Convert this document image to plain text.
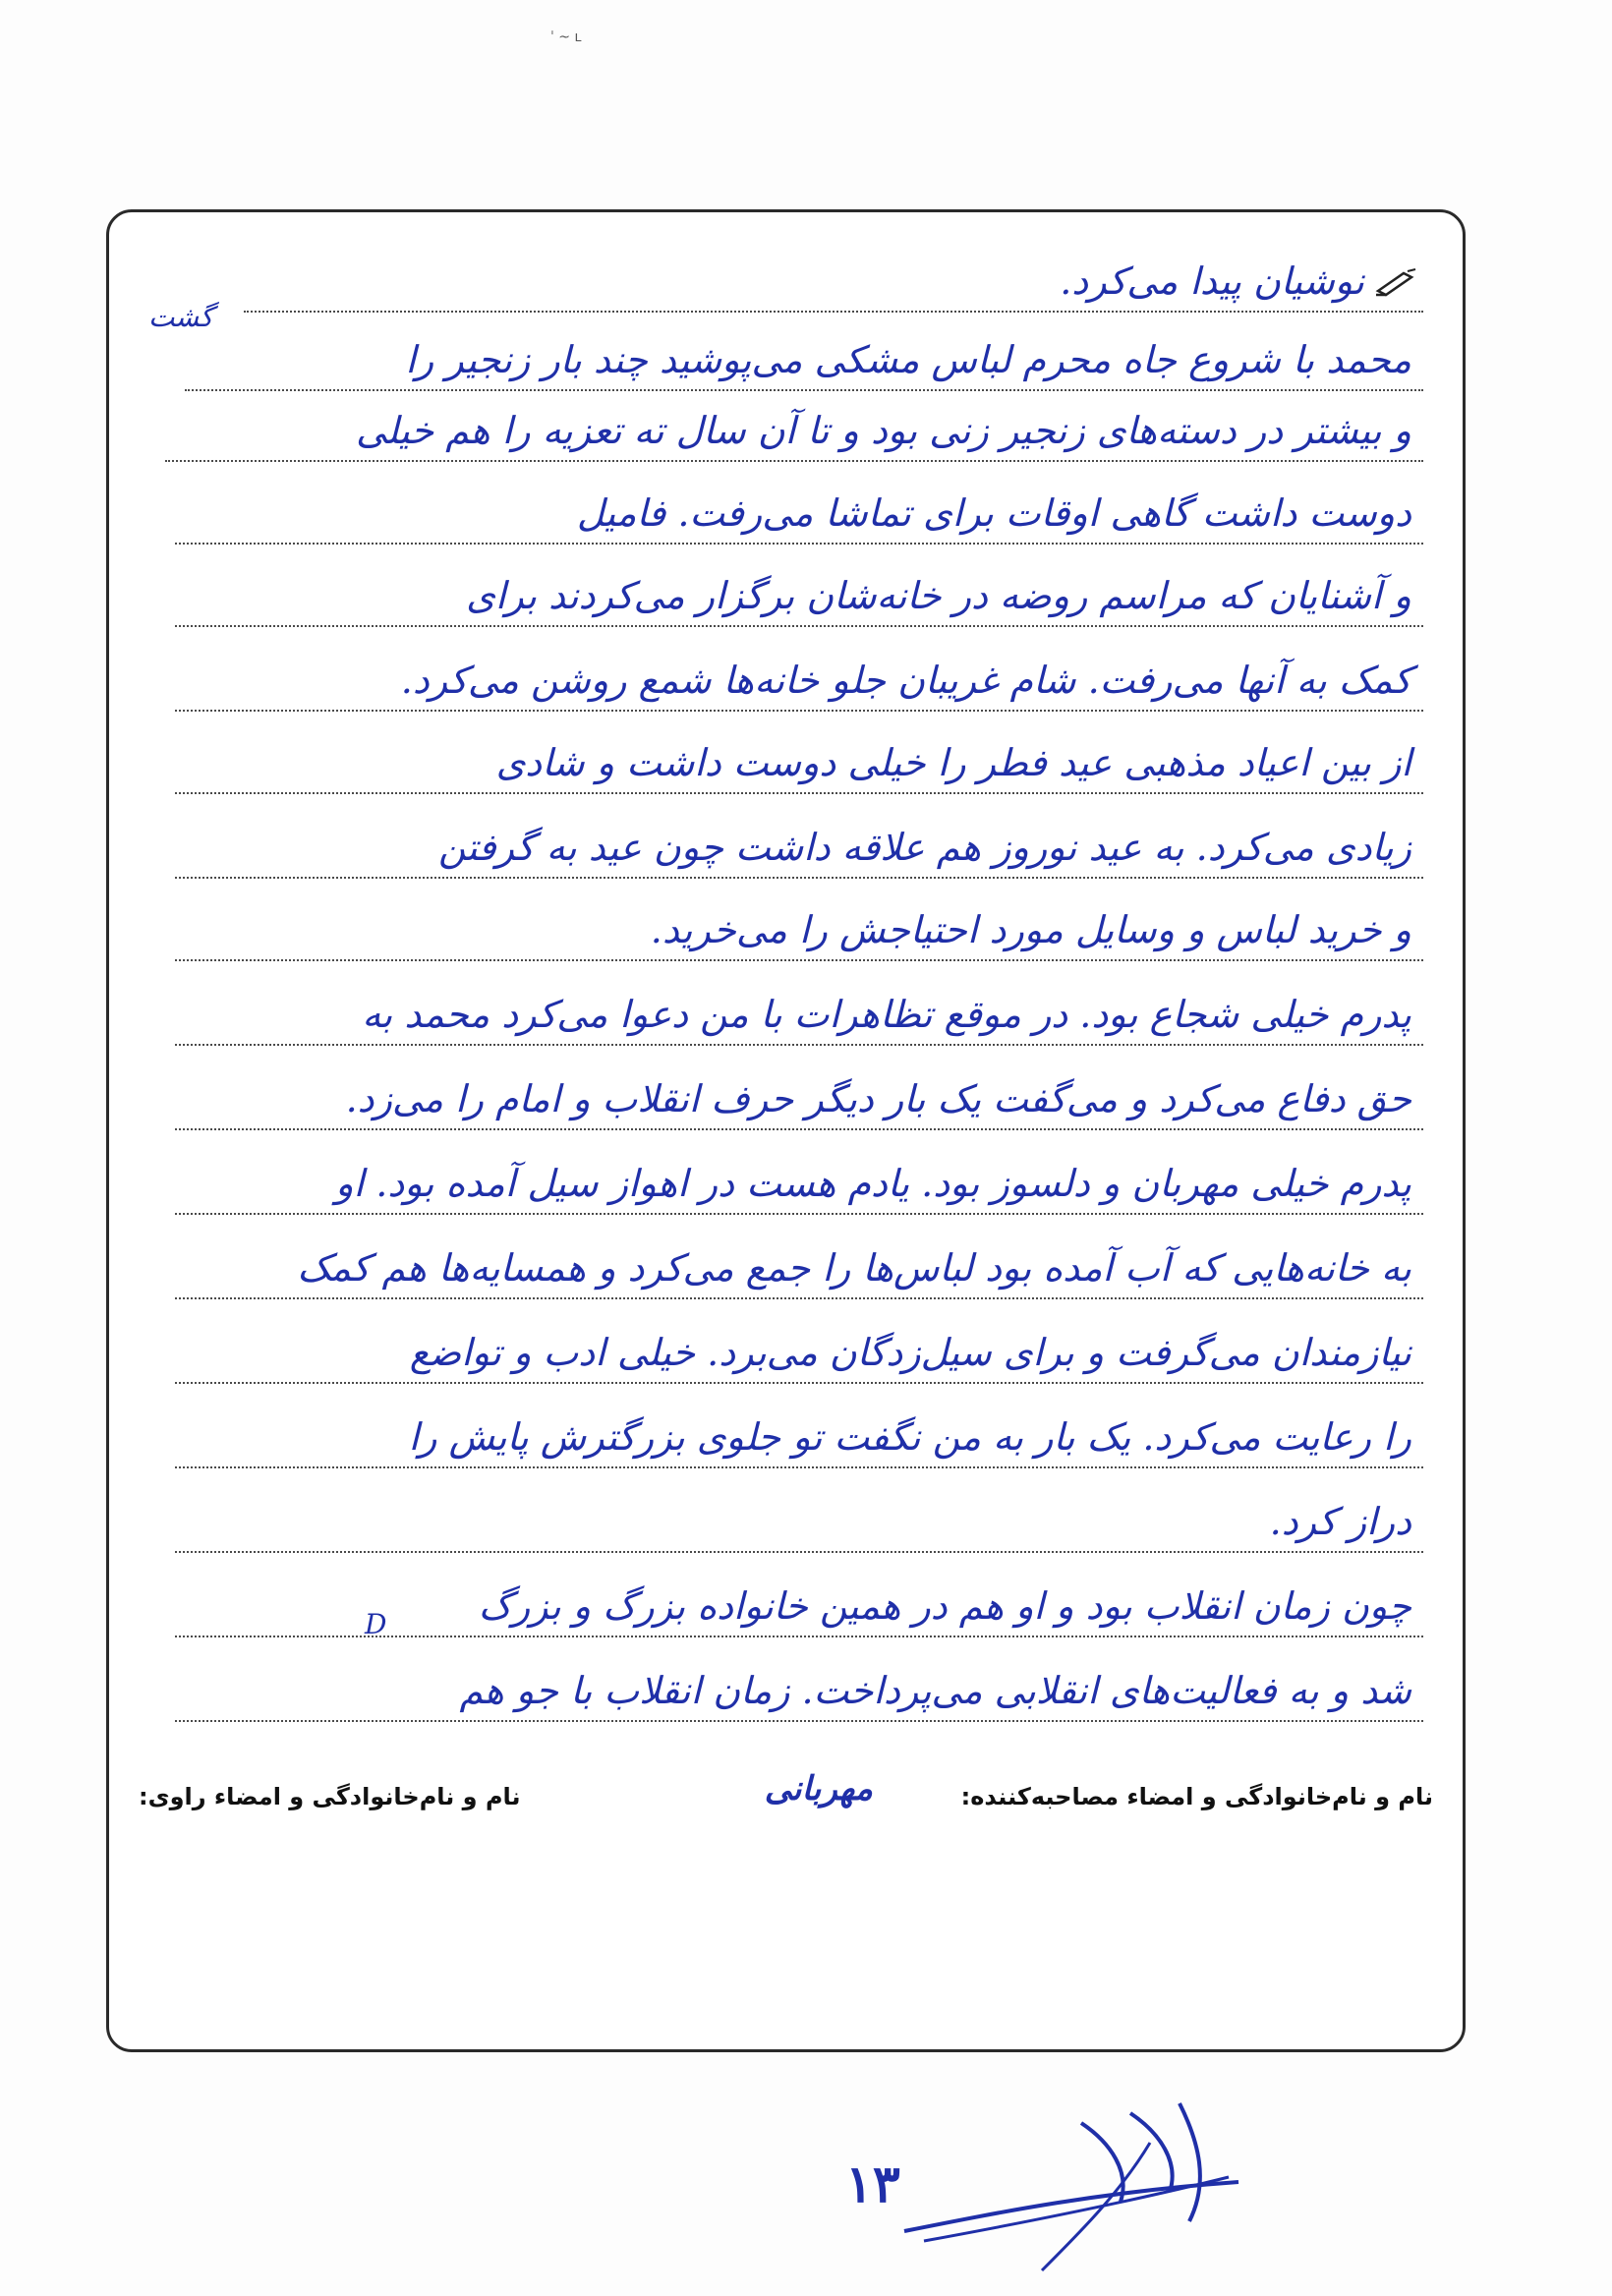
ˈ ~ ʟ
نوشیان پیدا می‌کرد.
گشت
محمد با شروع جاه‌ محرم لباس مشکی می‌پوشید چند بار زنجیر را
و بیشتر در دسته‌های زنجیر زنی بود و تا آن سال ته تعزیه را هم خیلی
دوست داشت گاهی اوقات برای تماشا می‌رفت. فامیل
و آشنایان که مراسم روضه در خانه‌شان برگزار می‌کردند برای
کمک به آنها می‌رفت. شام غریبان جلو خانه‌ها شمع روشن می‌کرد.
از بین اعیاد مذهبی عید فطر را خیلی دوست داشت و شادی
زیادی می‌کرد. به عید نوروز هم علاقه داشت چون عید به گرفتن
و خرید لباس و وسایل مورد احتیاجش را می‌خرید.
پدرم خیلی شجاع بود. در موقع تظاهرات با من دعوا می‌کرد محمد به
حق دفاع می‌کرد و می‌گفت یک بار دیگر حرف انقلاب و امام را می‌زد.
پدرم خیلی مهربان و دلسوز بود. یادم هست در اهواز سیل آمده بود. او
به خانه‌هایی که آب آمده بود لباس‌ها را جمع می‌کرد و همسایه‌ها هم کمک
نیازمندان می‌گرفت و برای سیل‌زدگان می‌برد. خیلی ادب و تواضع
را رعایت می‌کرد. یک بار به من نگفت تو جلوی بزرگترش پایش را
دراز کرد.
چون زمان انقلاب بود و او هم در همین خانواده بزرگ و بزرگ
شد و به فعالیت‌های انقلابی می‌پرداخت. زمان انقلاب با جو هم
D
نام و نام‌خانوادگی و امضاء راوی:	نام و نام‌خانوادگی و امضاء مصاحبه‌کننده:
مهربانی
۱۳
